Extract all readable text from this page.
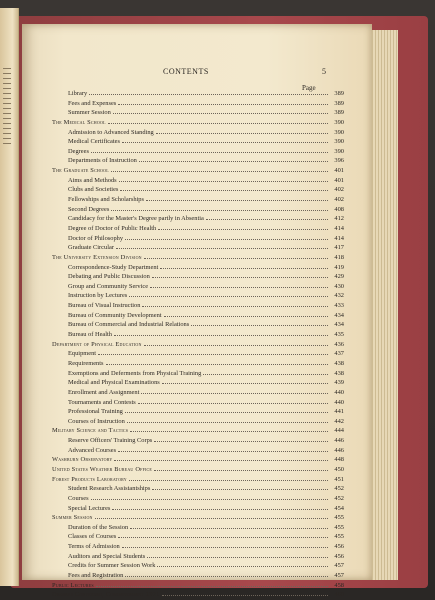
CONTENTS	5
Page
Library	389
Fees and Expenses	389
Summer Session	389
The Medical School	390
Admission to Advanced Standing	390
Medical Certificates	390
Degrees	390
Departments of Instruction	396
The Graduate School	401
Aims and Methods	401
Clubs and Societies	402
Fellowships and Scholarships	402
Second Degrees	408
Candidacy for the Master's Degree partly in Absentia	412
Degree of Doctor of Public Health	414
Doctor of Philosophy	414
Graduate Circular	417
The University Extension Division	418
Correspondence-Study Department	419
Debating and Public Discussion	429
Group and Community Service	430
Instruction by Lectures	432
Bureau of Visual Instruction	433
Bureau of Community Development	434
Bureau of Commercial and Industrial Relations	434
Bureau of Health	435
Department of Physical Education	436
Equipment	437
Requirements	438
Exemptions and Deferments from Physical Training	438
Medical and Physical Examinations	439
Enrollment and Assignment	440
Tournaments and Contests	440
Professional Training	441
Courses of Instruction	442
Military Science and Tactics	444
Reserve Officers' Training Corps	446
Advanced Courses	446
Washburn Observatory	448
United States Weather Bureau Office	450
Forest Products Laboratory	451
Student Research Assistantships	452
Courses	452
Special Lectures	454
Summer Session	455
Duration of the Session	455
Classes of Courses	455
Terms of Admission	456
Auditors and Special Students	456
Credits for Summer Session Work	457
Fees and Registration	457
Public Lectures	458
Degrees Conferred, Commencement 1921	460
